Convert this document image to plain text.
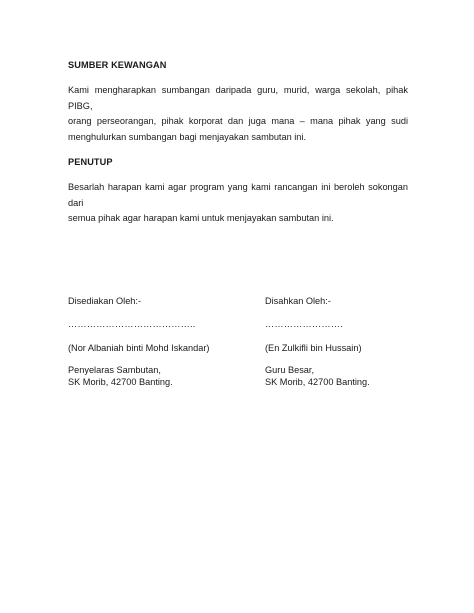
SUMBER KEWANGAN
Kami mengharapkan sumbangan daripada guru, murid, warga sekolah, pihak PIBG,
orang perseorangan, pihak korporat dan juga mana – mana pihak yang sudi
menghulurkan sumbangan bagi menjayakan sambutan ini.
PENUTUP
Besarlah harapan kami agar program yang kami rancangan ini beroleh sokongan dari
semua pihak agar harapan kami untuk menjayakan sambutan ini.
Disediakan Oleh:-
…………………………………..
(Nor Albaniah binti Mohd Iskandar)
Penyelaras Sambutan,
SK Morib, 42700 Banting.
Disahkan Oleh:-
…………………….
(En Zulkifli bin Hussain)
Guru Besar,
SK Morib, 42700 Banting.
